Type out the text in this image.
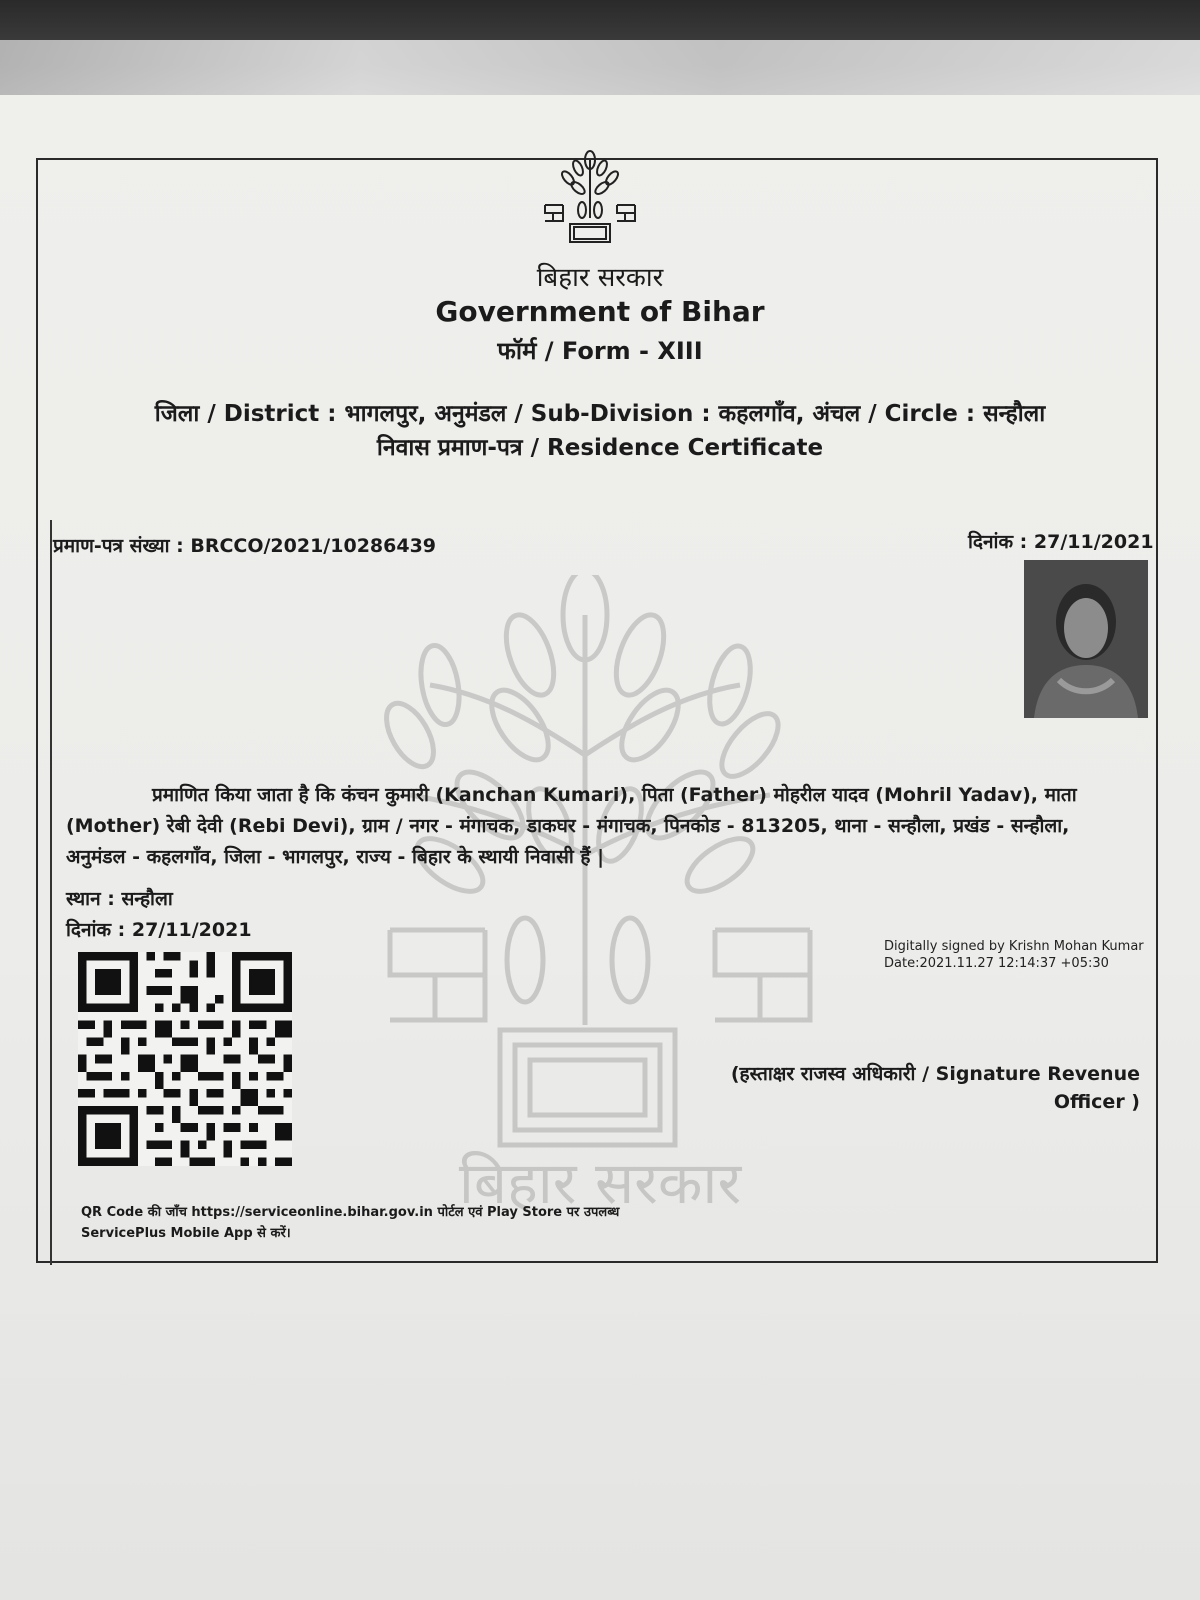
बिहार सरकार
बिहार सरकार
Government of Bihar
फॉर्म / Form - XIII
जिला / District : भागलपुर, अनुमंडल / Sub-Division : कहलगाँव, अंचल / Circle : सन्हौला
निवास प्रमाण-पत्र / Residence Certificate
प्रमाण-पत्र संख्या : BRCCO/2021/10286439	दिनांक : 27/11/2021
प्रमाणित किया जाता है कि कंचन कुमारी (Kanchan Kumari), पिता (Father) मोहरील यादव (Mohril Yadav), माता
(Mother) रेबी देवी (Rebi Devi), ग्राम / नगर - मंगाचक, डाकघर - मंगाचक, पिनकोड - 813205, थाना - सन्हौला, प्रखंड - सन्हौला,
अनुमंडल - कहलगाँव, जिला - भागलपुर, राज्य - बिहार के स्थायी निवासी हैं |
स्थान : सन्हौला
दिनांक : 27/11/2021
Digitally signed by Krishn Mohan Kumar
Date:2021.11.27 12:14:37 +05:30
(हस्ताक्षर राजस्व अधिकारी / Signature Revenue
Officer )
QR Code की जाँच https://serviceonline.bihar.gov.in पोर्टल एवं Play Store पर उपलब्ध
ServicePlus Mobile App से करें।
